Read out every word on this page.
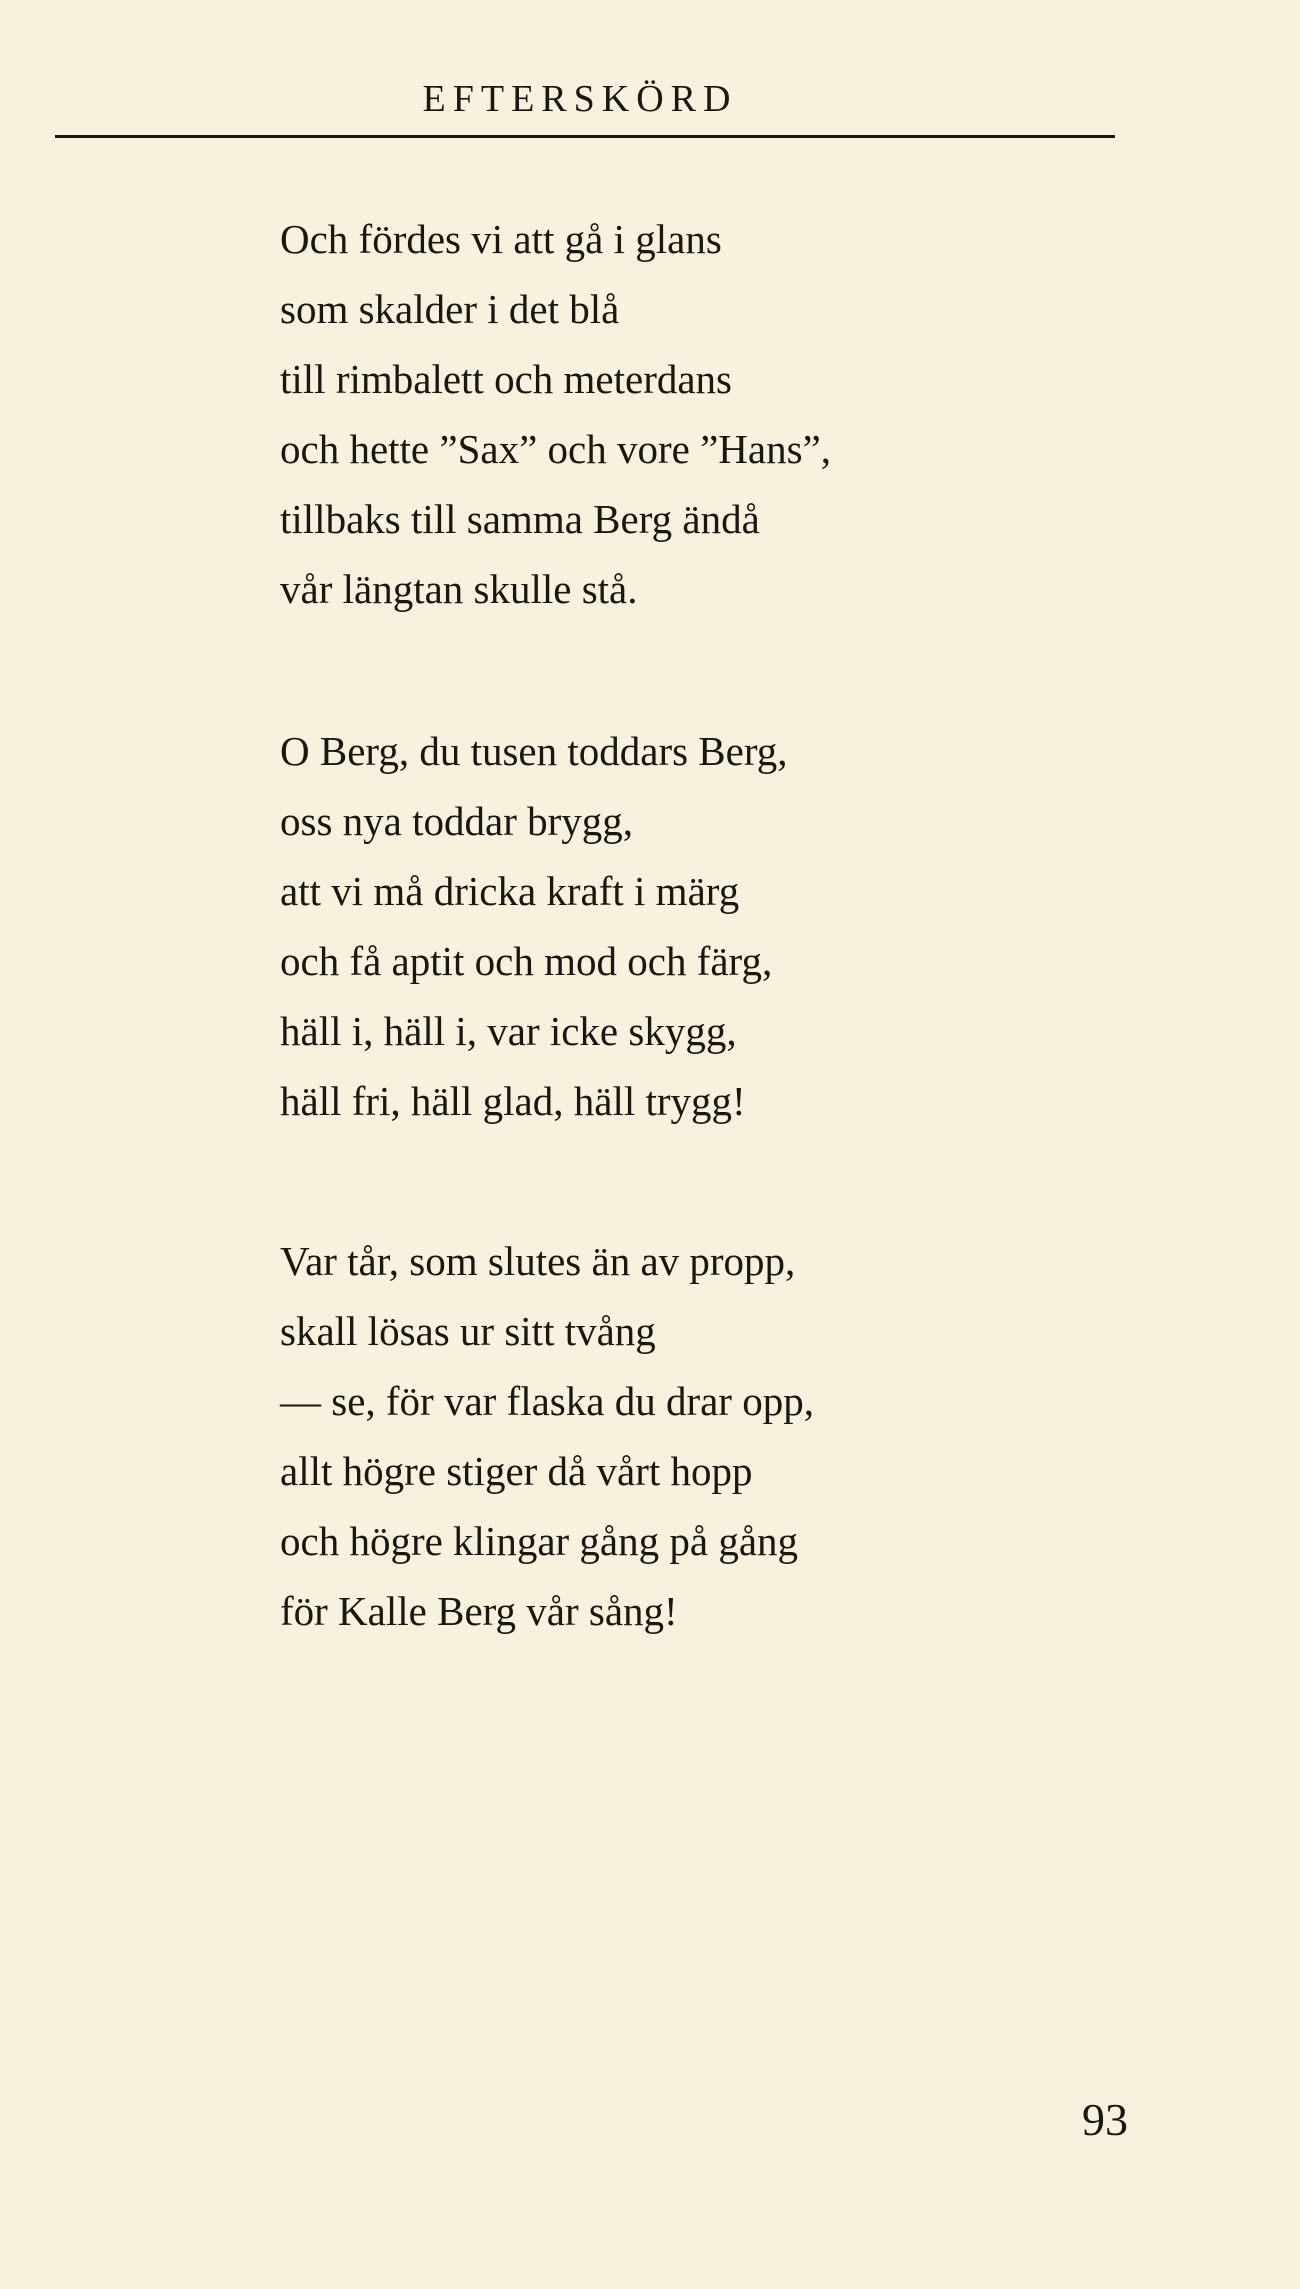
EFTERSKÖRD
Och fördes vi att gå i glans
som skalder i det blå
till rimbalett och meterdans
och hette ”Sax” och vore ”Hans”,
tillbaks till samma Berg ändå
vår längtan skulle stå.
O Berg, du tusen toddars Berg,
oss nya toddar brygg,
att vi må dricka kraft i märg
och få aptit och mod och färg,
häll i, häll i, var icke skygg,
häll fri, häll glad, häll trygg!
Var tår, som slutes än av propp,
skall lösas ur sitt tvång
— se, för var flaska du drar opp,
allt högre stiger då vårt hopp
och högre klingar gång på gång
för Kalle Berg vår sång!
93
